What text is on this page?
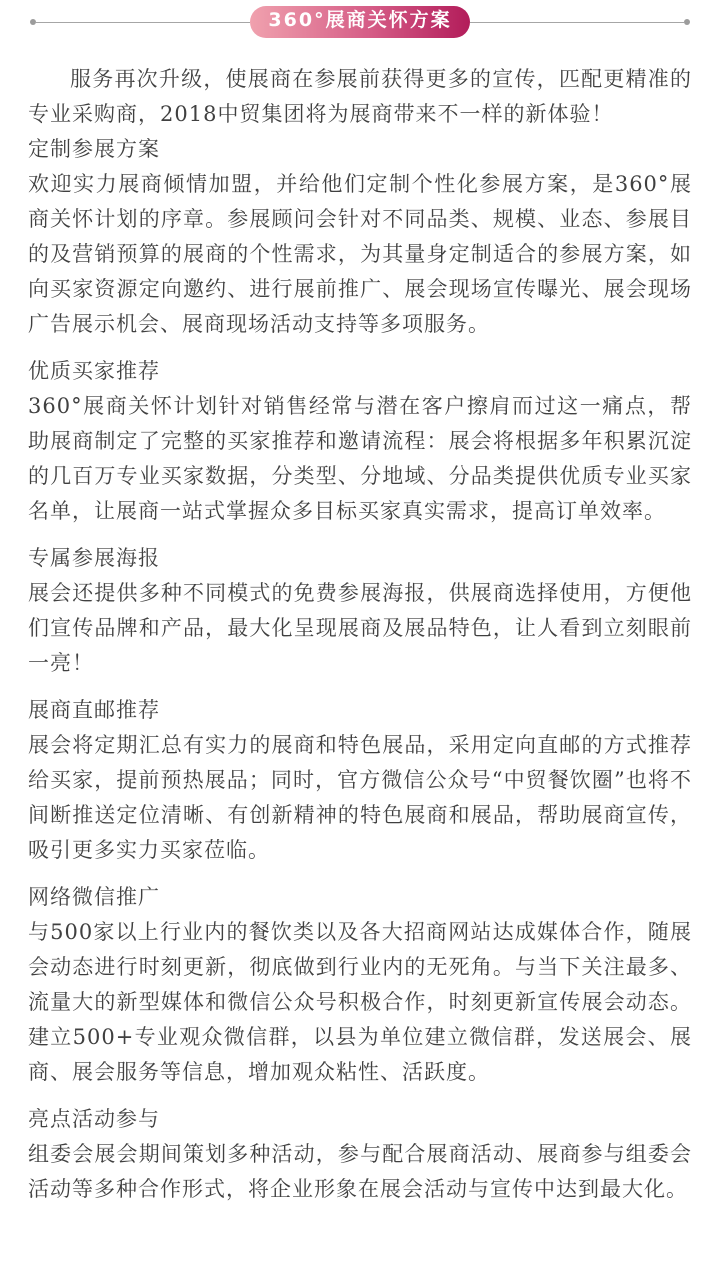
360°展商关怀方案

服务再次升级，使展商在参展前获得更多的宣传，匹配更精准的专业采购商，2018中贸集团将为展商带来不一样的新体验！

定制参展方案

欢迎实力展商倾情加盟，并给他们定制个性化参展方案，是360°展商关怀计划的序章。参展顾问会针对不同品类、规模、业态、参展目的及营销预算的展商的个性需求，为其量身定制适合的参展方案，如向买家资源定向邀约、进行展前推广、展会现场宣传曝光、展会现场广告展示机会、展商现场活动支持等多项服务。

优质买家推荐

360°展商关怀计划针对销售经常与潜在客户擦肩而过这一痛点，帮助展商制定了完整的买家推荐和邀请流程：展会将根据多年积累沉淀的几百万专业买家数据，分类型、分地域、分品类提供优质专业买家名单，让展商一站式掌握众多目标买家真实需求，提高订单效率。

专属参展海报

展会还提供多种不同模式的免费参展海报，供展商选择使用，方便他们宣传品牌和产品，最大化呈现展商及展品特色，让人看到立刻眼前一亮！

展商直邮推荐

展会将定期汇总有实力的展商和特色展品，采用定向直邮的方式推荐给买家，提前预热展品；同时，官方微信公众号“中贸餐饮圈”也将不间断推送定位清晰、有创新精神的特色展商和展品，帮助展商宣传，吸引更多实力买家莅临。

网络微信推广

与500家以上行业内的餐饮类以及各大招商网站达成媒体合作，随展会动态进行时刻更新，彻底做到行业内的无死角。与当下关注最多、流量大的新型媒体和微信公众号积极合作，时刻更新宣传展会动态。建立500+专业观众微信群，以县为单位建立微信群，发送展会、展商、展会服务等信息，增加观众粘性、活跃度。

亮点活动参与

组委会展会期间策划多种活动，参与配合展商活动、展商参与组委会活动等多种合作形式，将企业形象在展会活动与宣传中达到最大化。
